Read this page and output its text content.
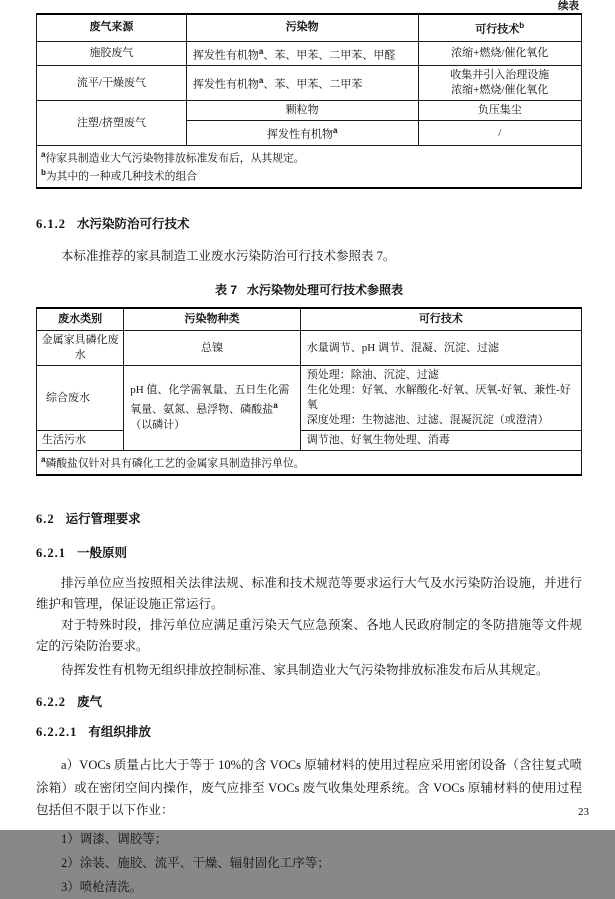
续表
废气来源	污染物	可行技术$^b$
施胶废气	挥发性有机物$^a$、苯、甲苯、二甲苯、甲醛	浓缩+燃烧/催化氧化
流平/干燥废气	挥发性有机物$^a$、苯、甲苯、二甲苯	收集并引入治理设施
浓缩+燃烧/催化氧化

注塑/挤塑废气	颗粒物	负压集尘
	挥发性有机物$^a$	/

$^a$待家具制造业大气污染物排放标准发布后，从其规定。
$^b$为其中的一种或几种技术的组合		
6.1.2 水污染防治可行技术

本标准推荐的家具制造工业废水污染防治可行技术参照表 7。

表 7 水污染物处理可行技术参照表
废水类别	污染物种类	可行技术
金属家具磷化废水	总镍	水量调节、pH 调节、混凝、沉淀、过滤
综合废水	pH 值、化学需氧量、五日生化需氧量、氨氮、悬浮物、磷酸盐$^a$（以磷计）	预处理：除油、沉淀、过滤
生化处理：好氧、水解酸化-好氧、厌氧-好氧、兼性-好氧
深度处理：生物滤池、过滤、混凝沉淀（或澄清）

生活污水		调节池、好氧生物处理、消毒
$^a$磷酸盐仅针对具有磷化工艺的金属家具制造排污单位。		
6.2 运行管理要求
6.2.1 一般原则

排污单位应当按照相关法律法规、标准和技术规范等要求运行大气及水污染防治设施，并进行维护和管理，保证设施正常运行。

对于特殊时段，排污单位应满足重污染天气应急预案、各地人民政府制定的冬防措施等文件规定的污染防治要求。

待挥发性有机物无组织排放控制标准、家具制造业大气污染物排放标准发布后从其规定。

6.2.2 废气
6.2.2.1 有组织排放

a）VOCs 质量占比大于等于 10%的含 VOCs 原辅材料的使用过程应采用密闭设备（含往复式喷涂箱）或在密闭空间内操作，废气应排至 VOCs 废气收集处理系统。含 VOCs 原辅材料的使用过程包括但不限于以下作业：

1）调漆、调胶等；

2）涂装、施胶、流平、干燥、辐射固化工序等；

3）喷枪清洗。

23
